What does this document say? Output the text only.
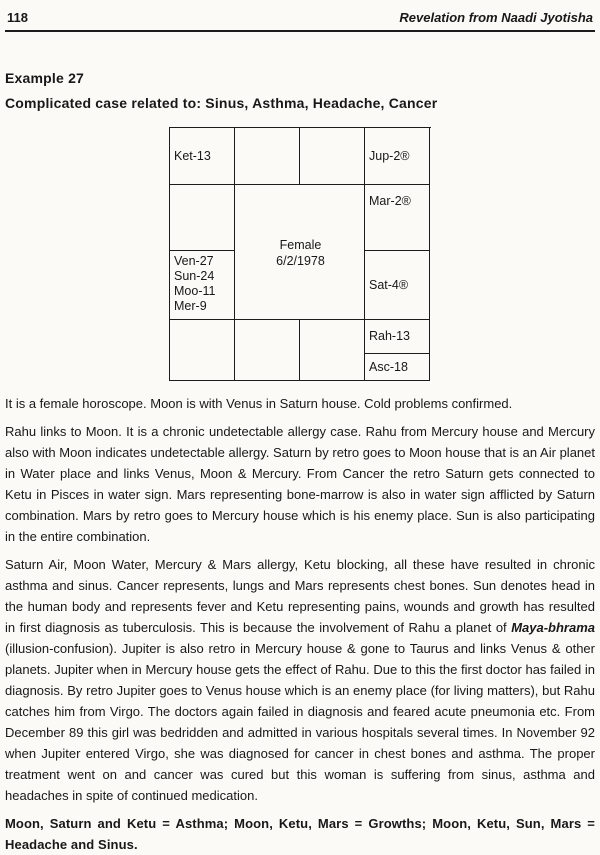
118	Revelation from Naadi Jyotisha
Example 27
Complicated case related to: Sinus, Asthma, Headache, Cancer
Ket-13	Jup-2®
Female
6/2/1978
Mar-2®
Ven-27
Sun-24
Moo-11
Mer-9
Sat-4®
Rah-13
Asc-18

It is a female horoscope. Moon is with Venus in Saturn house. Cold problems confirmed.

Rahu links to Moon. It is a chronic undetectable allergy case. Rahu from Mercury house and Mercury also with Moon indicates undetectable allergy. Saturn by retro goes to Moon house that is an Air planet in Water place and links Venus, Moon & Mercury. From Cancer the retro Saturn gets connected to Ketu in Pisces in water sign. Mars representing bone-marrow is also in water sign afflicted by Saturn combination. Mars by retro goes to Mercury house which is his enemy place. Sun is also participating in the entire combination.

Saturn Air, Moon Water, Mercury & Mars allergy, Ketu blocking, all these have resulted in chronic asthma and sinus. Cancer represents, lungs and Mars represents chest bones. Sun denotes head in the human body and represents fever and Ketu representing pains, wounds and growth has resulted in first diagnosis as tuberculosis. This is because the involvement of Rahu a planet of Maya-bhrama (illusion-confusion). Jupiter is also retro in Mercury house & gone to Taurus and links Venus & other planets. Jupiter when in Mercury house gets the effect of Rahu. Due to this the first doctor has failed in diagnosis. By retro Jupiter goes to Venus house which is an enemy place (for living matters), but Rahu catches him from Virgo. The doctors again failed in diagnosis and feared acute pneumonia etc. From December 89 this girl was bedridden and admitted in various hospitals several times. In November 92 when Jupiter entered Virgo, she was diagnosed for cancer in chest bones and asthma. The proper treatment went on and cancer was cured but this woman is suffering from sinus, asthma and headaches in spite of continued medication.

Moon, Saturn and Ketu = Asthma; Moon, Ketu, Mars = Growths; Moon, Ketu, Sun, Mars = Headache and Sinus.
